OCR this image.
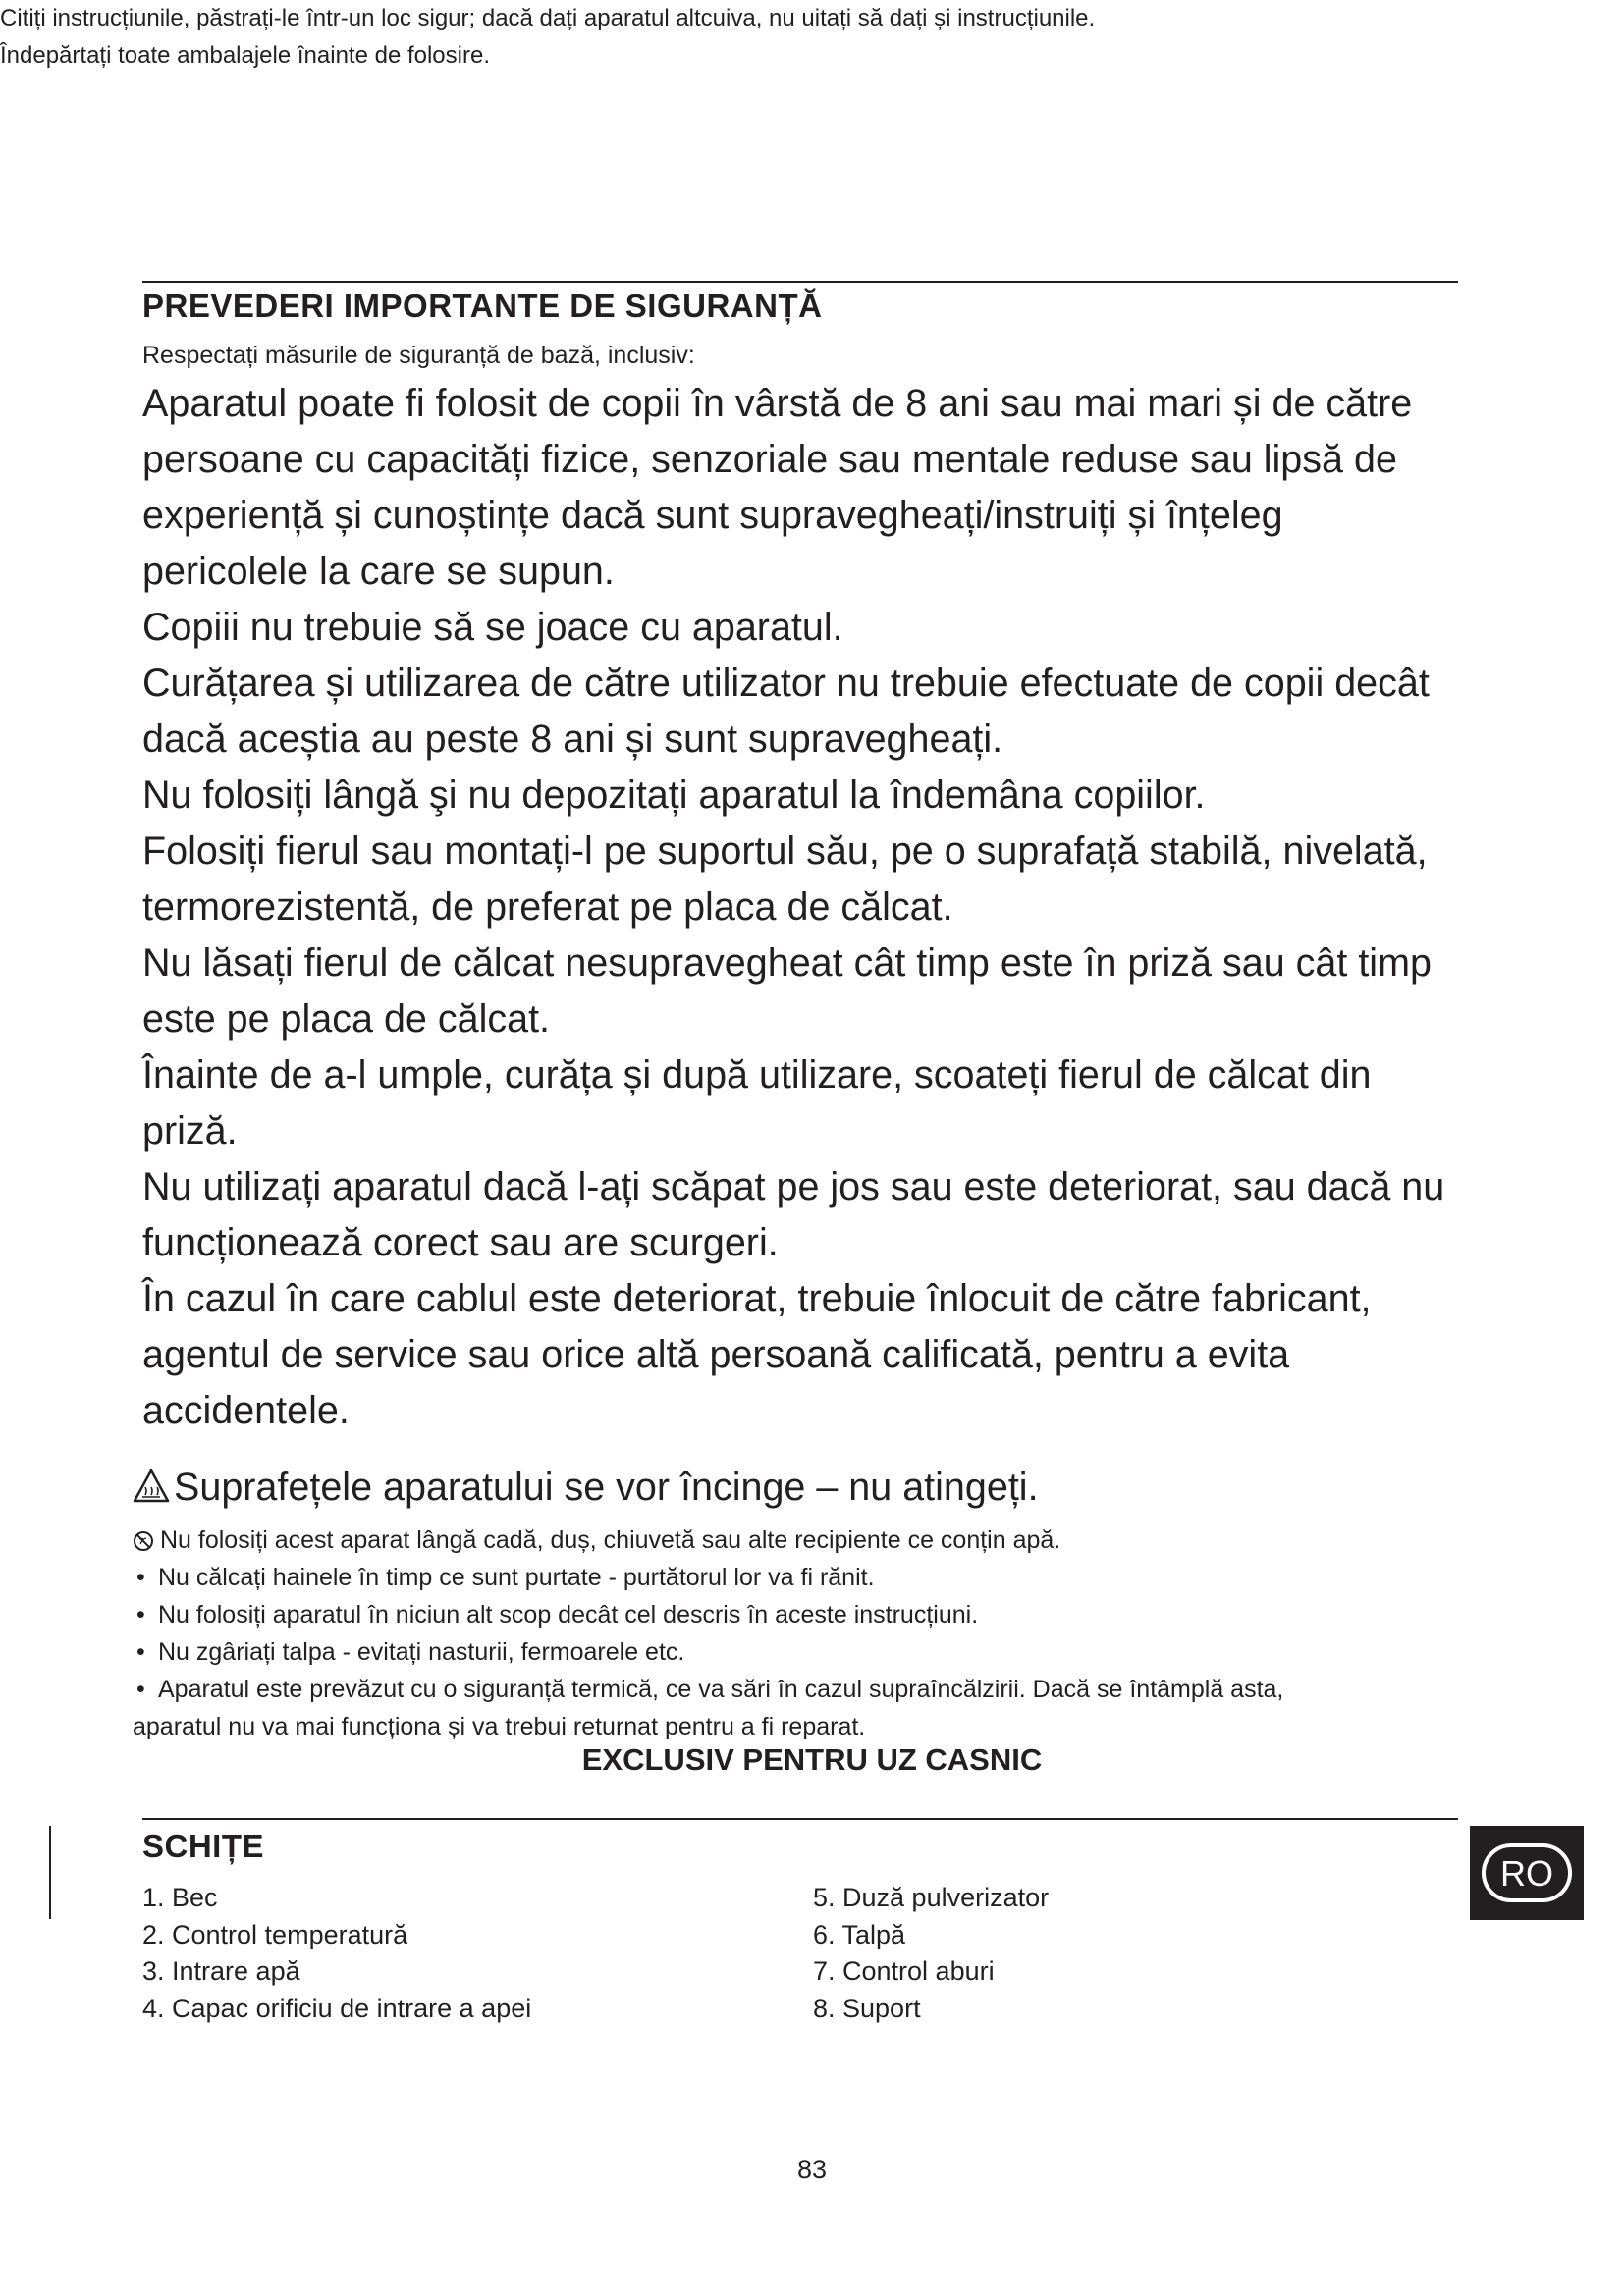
Citiți instrucțiunile, păstrați-le într-un loc sigur; dacă dați aparatul altcuiva, nu uitați să dați și instrucțiunile.
Îndepărtați toate ambalajele înainte de folosire.
PREVEDERI IMPORTANTE DE SIGURANȚĂ
Respectați măsurile de siguranță de bază, inclusiv:
Aparatul poate fi folosit de copii în vârstă de 8 ani sau mai mari și de către
persoane cu capacități fizice, senzoriale sau mentale reduse sau lipsă de
experiență și cunoștințe dacă sunt supravegheați/instruiți și înțeleg
pericolele la care se supun.
Copiii nu trebuie să se joace cu aparatul.
Curățarea și utilizarea de către utilizator nu trebuie efectuate de copii decât
dacă aceștia au peste 8 ani și sunt supravegheați.
Nu folosiți lângă şi nu depozitați aparatul la îndemâna copiilor.
Folosiți fierul sau montați-l pe suportul său, pe o suprafață stabilă, nivelată,
termorezistentă, de preferat pe placa de călcat.
Nu lăsați fierul de călcat nesupravegheat cât timp este în priză sau cât timp
este pe placa de călcat.
Înainte de a-l umple, curăța și după utilizare, scoateți fierul de călcat din
priză.
Nu utilizați aparatul dacă l-ați scăpat pe jos sau este deteriorat, sau dacă nu
funcționează corect sau are scurgeri.
În cazul în care cablul este deteriorat, trebuie înlocuit de către fabricant,
agentul de service sau orice altă persoană calificată, pentru a evita
accidentele.
Suprafețele aparatului se vor încinge – nu atingeți.
Nu folosiți acest aparat lângă cadă, duș, chiuvetă sau alte recipiente ce conțin apă.
• Nu călcați hainele în timp ce sunt purtate - purtătorul lor va fi rănit.
• Nu folosiți aparatul în niciun alt scop decât cel descris în aceste instrucțiuni.
• Nu zgâriați talpa - evitați nasturii, fermoarele etc.
• Aparatul este prevăzut cu o siguranță termică, ce va sări în cazul supraîncălzirii. Dacă se întâmplă asta,
aparatul nu va mai funcționa și va trebui returnat pentru a fi reparat.
EXCLUSIV PENTRU UZ CASNIC
SCHIȚE
1. Bec
2. Control temperatură
3. Intrare apă
4. Capac orificiu de intrare a apei
5. Duză pulverizator
6. Talpă
7. Control aburi
8. Suport
RO
83
